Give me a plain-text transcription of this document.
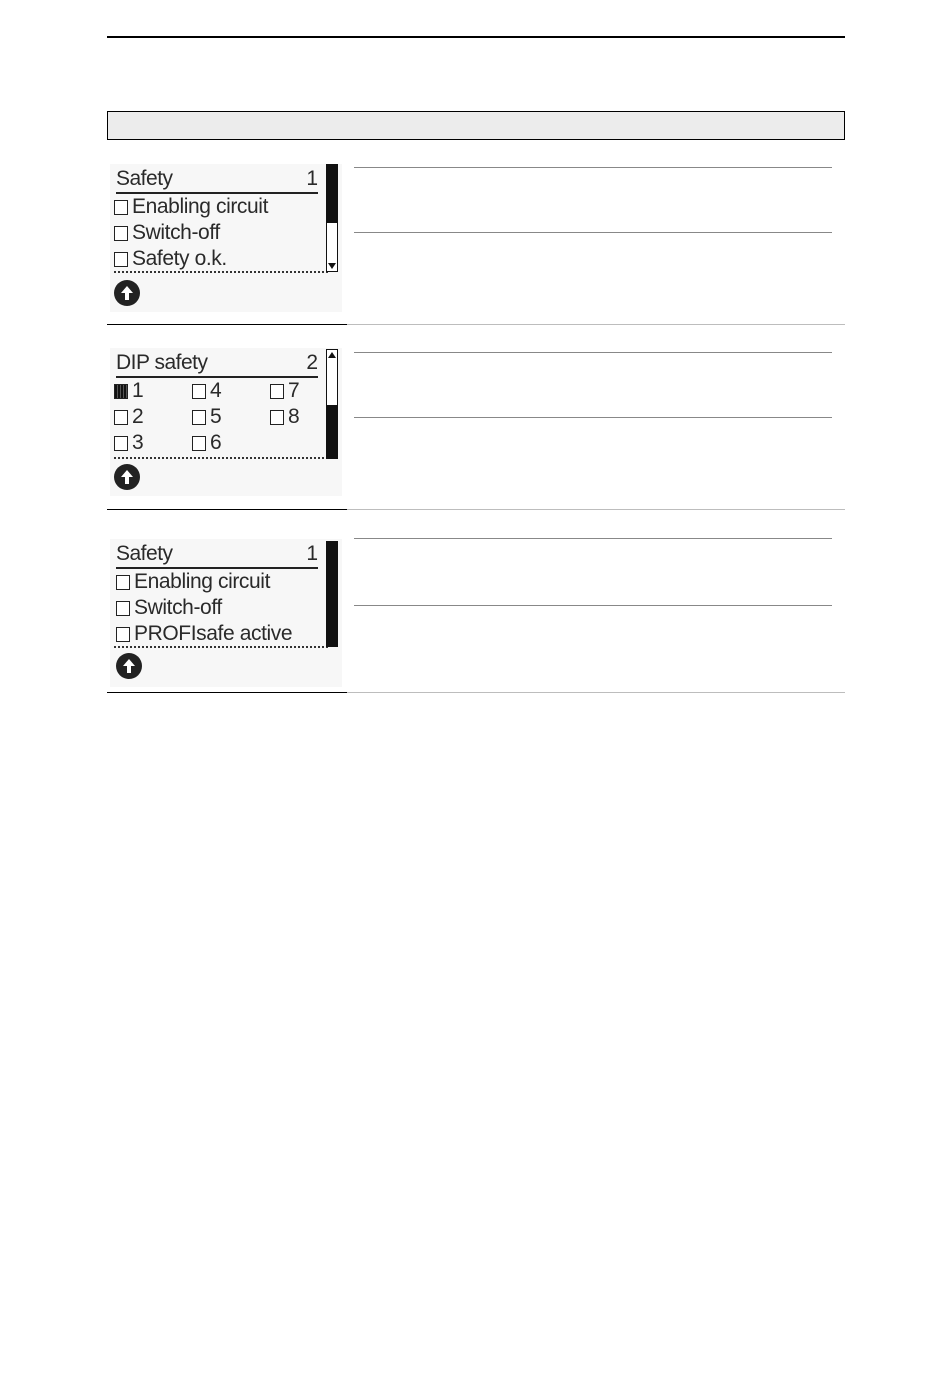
Safety	1
Enabling circuit
Switch-off
Safety o.k.
DIP safety	2
1	4	7
2	5	8
3	6
Safety	1
Enabling circuit
Switch-off
PROFIsafe active
